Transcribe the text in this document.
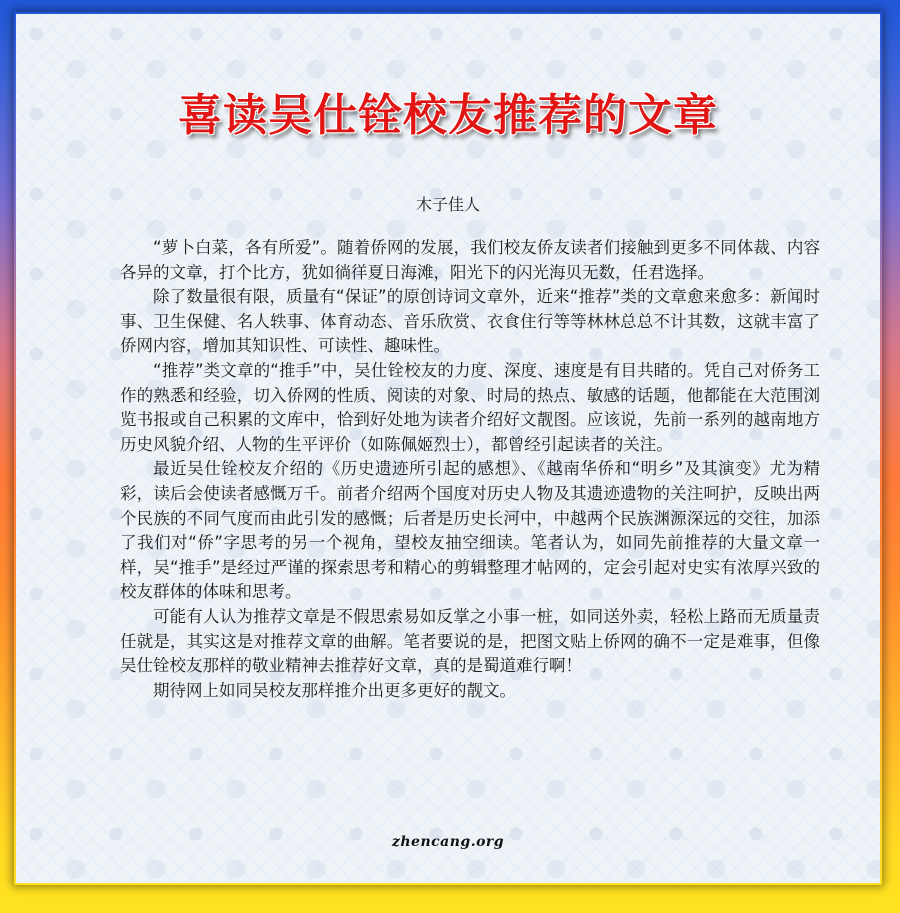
喜读吴仕铨校友推荐的文章
木子佳人

“萝卜白菜，各有所爱”。随着侨网的发展，我们校友侨友读者们接触到更多不同体裁、内容各异的文章，打个比方，犹如徜徉夏日海滩，阳光下的闪光海贝无数，任君选择。

除了数量很有限，质量有“保证”的原创诗词文章外，近来“推荐”类的文章愈来愈多：新闻时事、卫生保健、名人轶事、体育动态、音乐欣赏、衣食住行等等林林总总不计其数，这就丰富了侨网内容，增加其知识性、可读性、趣味性。

“推荐”类文章的“推手”中，吴仕铨校友的力度、深度、速度是有目共睹的。凭自己对侨务工作的熟悉和经验，切入侨网的性质、阅读的对象、时局的热点、敏感的话题，他都能在大范围浏览书报或自己积累的文库中，恰到好处地为读者介绍好文靓图。应该说，先前一系列的越南地方历史风貌介绍、人物的生平评价（如陈佩姬烈士），都曾经引起读者的关注。

最近吴仕铨校友介绍的《历史遗迹所引起的感想》、《越南华侨和“明乡”及其演变》尤为精彩，读后会使读者感慨万千。前者介绍两个国度对历史人物及其遗迹遗物的关注呵护，反映出两个民族的不同气度而由此引发的感慨；后者是历史长河中，中越两个民族渊源深远的交往，加添了我们对“侨”字思考的另一个视角，望校友抽空细读。笔者认为，如同先前推荐的大量文章一样，吴“推手”是经过严谨的探索思考和精心的剪辑整理才帖网的，定会引起对史实有浓厚兴致的校友群体的体味和思考。

可能有人认为推荐文章是不假思索易如反掌之小事一桩，如同送外卖，轻松上路而无质量责任就是，其实这是对推荐文章的曲解。笔者要说的是，把图文贴上侨网的确不一定是难事，但像吴仕铨校友那样的敬业精神去推荐好文章，真的是蜀道难行啊！

期待网上如同吴校友那样推介出更多更好的靓文。

zhencang.org
